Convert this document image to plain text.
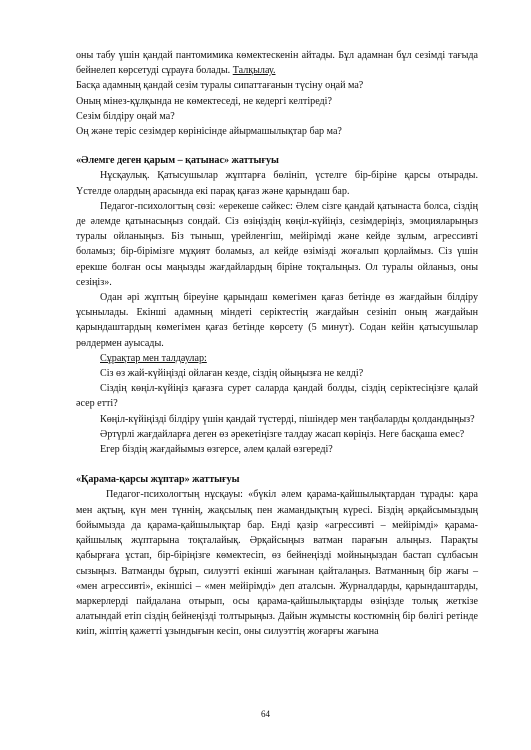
оны табу үшін қандай пантомимика көмектескенін айтады. Бұл адамнан бұл сезімді тағыда бейнелеп көрсетуді сұрауға болады. Талқылау.

Басқа адамның қандай сезім туралы сипаттағанын түсіну оңай ма?

Оның мінез-құлқында не көмектеседі, не кедергі келтіреді?

Сезім білдіру оңай ма?

Оң және теріс сезімдер көрінісінде айырмашылықтар бар ма?

«Әлемге деген қарым – қатынас» жаттығуы

Нұсқаулық. Қатысушылар жұптарға бөлініп, үстелге бір-біріне қарсы отырады. Үстелде олардың арасында екі парақ қағаз және қарындаш бар.

Педагог-психологтың сөзі: «ерекеше сәйкес: Әлем сізге қандай қатынаста болса, сіздің де әлемде қатынасыңыз сондай. Сіз өзіңіздің көңіл-күйіңіз, сезімдеріңіз, эмоцияларыңыз туралы ойланыңыз. Біз тыныш, үрейленгіш, мейірімді және кейде зұлым, агрессивті боламыз; бір-бірімізге мұқият боламыз, ал кейде өзімізді жоғалып қорлаймыз. Сіз үшін ерекше болған осы маңызды жағдайлардың біріне тоқталыңыз. Ол туралы ойланыз, оны сезіңіз».

Одан әрі жұптың біреуіне қарындаш көмегімен қағаз бетінде өз жағдайын білдіру ұсынылады. Екінші адамның міндеті серіктестің жағдайын сезініп оның жағдайын қарындаштардың көмегімен қағаз бетінде көрсету (5 минут). Содан кейін қатысушылар рөлдермен ауысады.

Сұрақтар мен талдаулар:

Сіз өз жай-күйіңізді ойлаған кезде, сіздің ойыңызға не келді?

Сіздің көңіл-күйіңіз қағазға сурет саларда қандай болды, сіздің серіктесіңізге қалай әсер етті?

Көңіл-күйіңізді білдіру үшін қандай түстерді, пішіндер мен таңбаларды қолдандыңыз?

Әртүрлі жағдайларға деген өз әрекетіңізге талдау жасап көріңіз. Неге басқаша емес?

Егер біздің жағдайымыз өзгерсе, әлем қалай өзгереді?

«Қарама-қарсы жұптар» жаттығуы

Педагог-психологтың нұсқауы: «бүкіл әлем қарама-қайшылықтардан тұрады: қара мен ақтың, күн мен түннің, жақсылық пен жамандықтың күресі. Біздің әрқайсымыздың бойымызда да қарама-қайшылықтар бар. Енді қазір «агрессивті – мейірімді» қарама-қайшылық жұптарына тоқталайық. Әрқайсыңыз ватман парағын алыңыз. Парақты қабырғаға ұстап, бір-біріңізге көмектесіп, өз бейнеңізді мойныңыздан бастап сұлбасын сызыңыз. Ватманды бұрып, силуэтті екінші жағынан қайталаңыз. Ватманның бір жағы – «мен агрессивті», екіншісі – «мен мейірімді» деп аталсын. Журналдарды, қарындаштарды, маркерлерді пайдалана отырып, осы қарама-қайшылықтарды өзіңізде толық жеткізе алатындай етіп сіздің бейнеңізді толтырыңыз. Дайын жұмысты костюмнің бір бөлігі ретінде киіп, жіптің қажетті ұзындығын кесіп, оны силуэттің жоғарғы жағына

64
